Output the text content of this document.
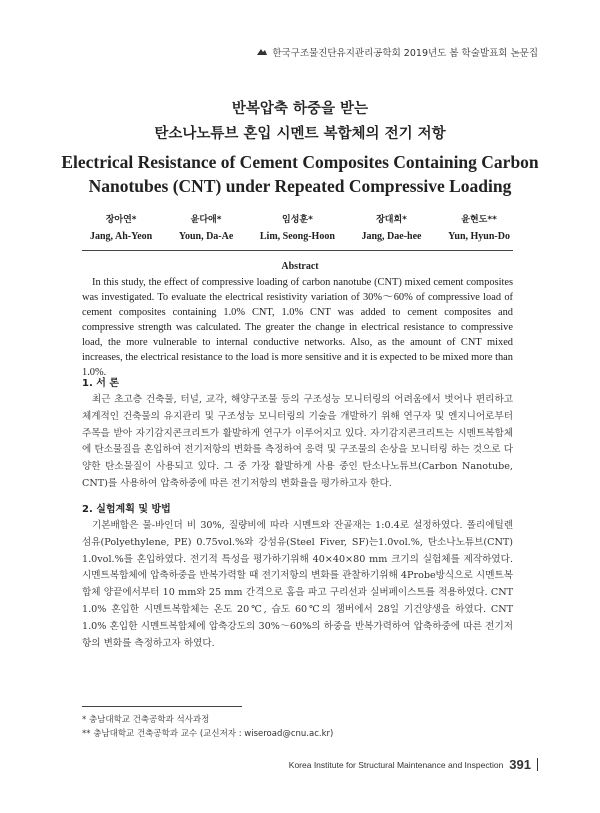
한국구조물진단유지관리공학회 2019년도 봄 학술발표회 논문집
반복압축 하중을 받는
탄소나노튜브 혼입 시멘트 복합체의 전기 저항
Electrical Resistance of Cement Composites Containing Carbon
Nanotubes (CNT) under Repeated Compressive Loading
장아연*
Jang, Ah-Yeon
윤다애*
Youn, Da-Ae
임성훈*
Lim, Seong-Hoon
장대희*
Jang, Dae-hee
윤현도**
Yun, Hyun-Do
Abstract
In this study, the effect of compressive loading of carbon nanotube (CNT) mixed cement composites was investigated. To evaluate the electrical resistivity variation of 30%～60% of compressive load of cement composites containing 1.0% CNT, 1.0% CNT was added to cement composites and compressive strength was calculated. The greater the change in electrical resistance to compressive load, the more vulnerable to internal conductive networks. Also, as the amount of CNT mixed increases, the electrical resistance to the load is more sensitive and it is expected to be mixed more than 1.0%.
1. 서 론
최근 초고층 건축물, 터널, 교각, 해양구조물 등의 구조성능 모니터링의 어려움에서 벗어나 편리하고 체계적인 건축물의 유지관리 및 구조성능 모니터링의 기술을 개발하기 위해 연구자 및 엔지니어로부터 주목을 받아 자기감지콘크리트가 활발하게 연구가 이루어지고 있다. 자기감지콘크리트는 시멘트복합체에 탄소물질을 혼입하여 전기저항의 변화를 측정하여 응력 및 구조물의 손상을 모니터링 하는 것으로 다양한 탄소물질이 사용되고 있다. 그 중 가장 활발하게 사용 중인 탄소나노튜브(Carbon Nanotube, CNT)를 사용하여 압축하중에 따른 전기저항의 변화율을 평가하고자 한다.
2. 실험계획 및 방법
기본배합은 물-바인더 비 30%, 질량비에 따라 시멘트와 잔골재는 1:0.4로 설정하였다. 폴리에틸렌 섬유(Polyethylene, PE) 0.75vol.%와 강섬유(Steel Fiver, SF)는1.0vol.%, 탄소나노튜브(CNT) 1.0vol.%를 혼입하였다. 전기적 특성을 평가하기위해 40×40×80 mm 크기의 실험체를 제작하였다. 시멘트복합체에 압축하중을 반복가력할 때 전기저항의 변화를 관찰하기위해 4Probe방식으로 시멘트복합체 양끝에서부터 10 mm와 25 mm 간격으로 홈을 파고 구리선과 실버페이스트를 적용하였다. CNT 1.0% 혼입한 시멘트복합체는 온도 20℃, 습도 60℃의 챔버에서 28일 기건양생을 하였다. CNT 1.0% 혼입한 시멘트복합체에 압축강도의 30%～60%의 하중을 반복가력하여 압축하중에 따른 전기저항의 변화를 측정하고자 하였다.
* 충남대학교 건축공학과 석사과정
** 충남대학교 건축공학과 교수 (교신저자 : wiseroad@cnu.ac.kr)
Korea Institute for Structural Maintenance and Inspection 391
